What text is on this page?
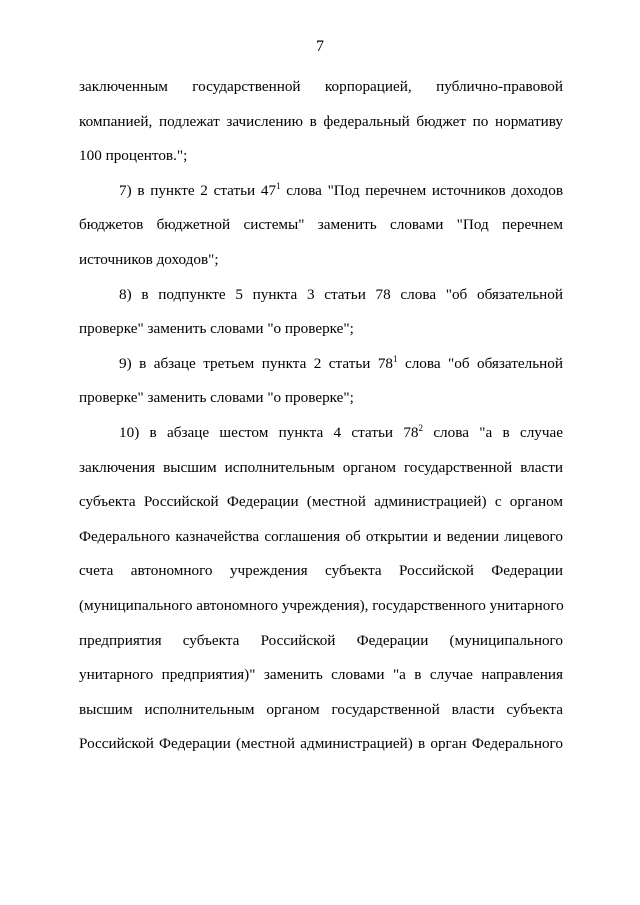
7
заключенным государственной корпорацией, публично-правовой
компанией, подлежат зачислению в федеральный бюджет по нормативу
100 процентов.";
7) в пункте 2 статьи $47^1$ слова "Под перечнем источников доходов
бюджетов бюджетной системы" заменить словами "Под перечнем
источников доходов";
8) в подпункте 5 пункта 3 статьи 78 слова "об обязательной
проверке" заменить словами "о проверке";
9) в абзаце третьем пункта 2 статьи $78^1$ слова "об обязательной
проверке" заменить словами "о проверке";
10) в абзаце шестом пункта 4 статьи $78^2$ слова "а в случае
заключения высшим исполнительным органом государственной власти
субъекта Российской Федерации (местной администрацией) с органом
Федерального казначейства соглашения об открытии и ведении лицевого
счета автономного учреждения субъекта Российской Федерации
(муниципального автономного учреждения), государственного унитарного
предприятия субъекта Российской Федерации (муниципального
унитарного предприятия)" заменить словами "а в случае направления
высшим исполнительным органом государственной власти субъекта
Российской Федерации (местной администрацией) в орган Федерального
